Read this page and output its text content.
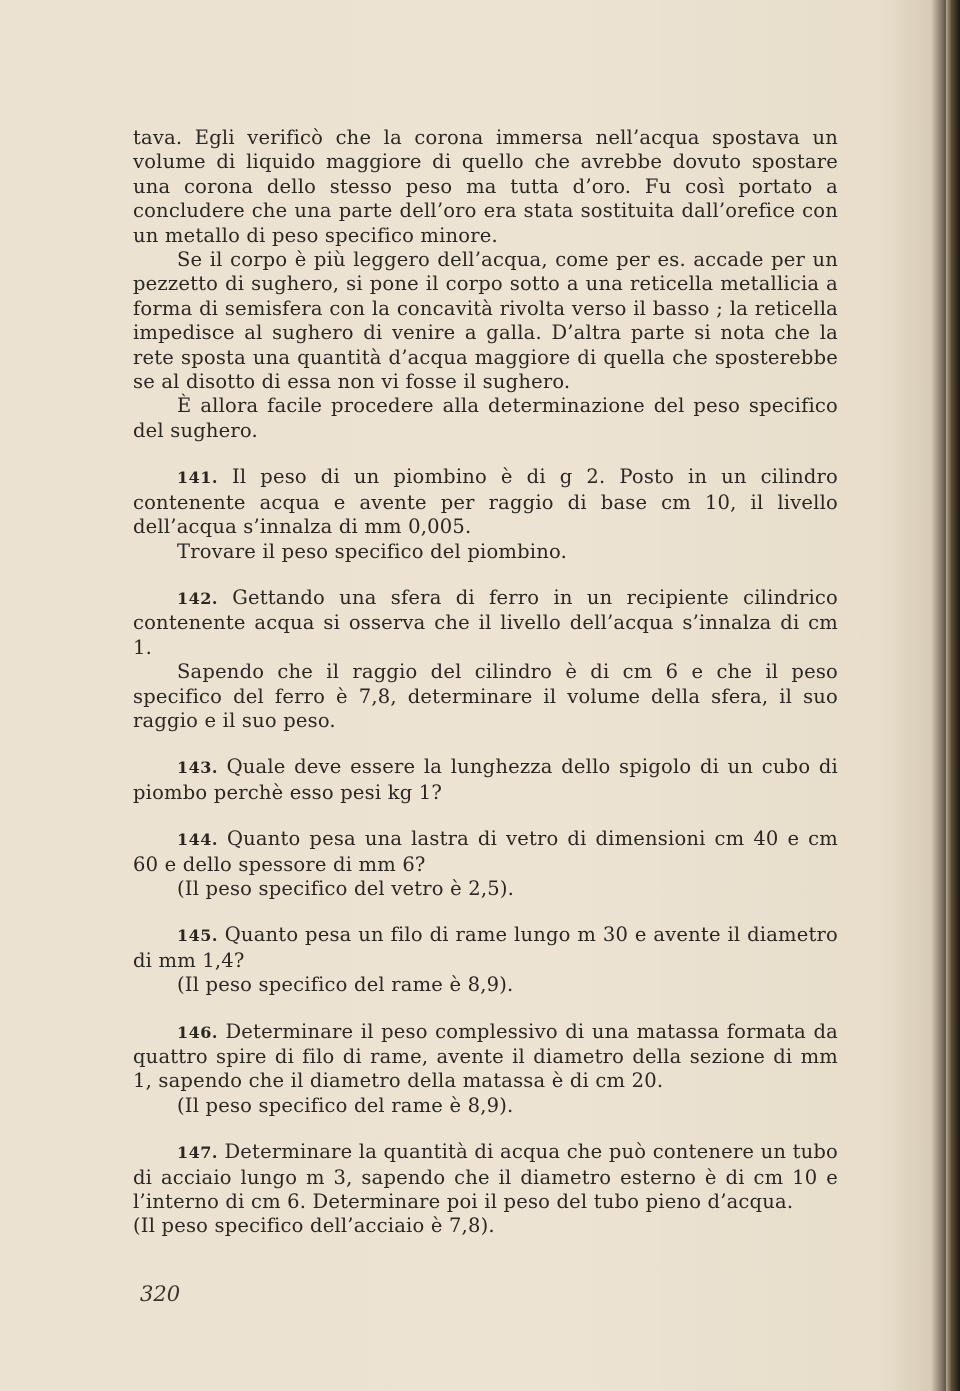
tava. Egli verificò che la corona immersa nell’acqua spostava un volume di liquido maggiore di quello che avrebbe dovuto spostare una corona dello stesso peso ma tutta d’oro. Fu così portato a concludere che una parte dell’oro era stata sostituita dall’orefice con un metallo di peso specifico minore.

Se il corpo è più leggero dell’acqua, come per es. accade per un pezzetto di sughero, si pone il corpo sotto a una reticella metallicia a forma di semisfera con la concavità rivolta verso il basso ; la reticella impedisce al sughero di venire a galla. D’altra parte si nota che la rete sposta una quantità d’acqua maggiore di quella che sposterebbe se al disotto di essa non vi fosse il sughero.

È allora facile procedere alla determinazione del peso specifico del sughero.

141. Il peso di un piombino è di g 2. Posto in un cilindro contenente acqua e avente per raggio di base cm 10, il livello dell’acqua s’innalza di mm 0,005.

Trovare il peso specifico del piombino.

142. Gettando una sfera di ferro in un recipiente cilindrico contenente acqua si osserva che il livello dell’acqua s’innalza di cm 1.

Sapendo che il raggio del cilindro è di cm 6 e che il peso specifico del ferro è 7,8, determinare il volume della sfera, il suo raggio e il suo peso.

143. Quale deve essere la lunghezza dello spigolo di un cubo di piombo perchè esso pesi kg 1?

144. Quanto pesa una lastra di vetro di dimensioni cm 40 e cm 60 e dello spessore di mm 6?

(Il peso specifico del vetro è 2,5).

145. Quanto pesa un filo di rame lungo m 30 e avente il diametro di mm 1,4?

(Il peso specifico del rame è 8,9).

146. Determinare il peso complessivo di una matassa formata da quattro spire di filo di rame, avente il diametro della sezione di mm 1, sapendo che il diametro della matassa è di cm 20.

(Il peso specifico del rame è 8,9).

147. Determinare la quantità di acqua che può contenere un tubo di acciaio lungo m 3, sapendo che il diametro esterno è di cm 10 e l’interno di cm 6. Determinare poi il peso del tubo pieno d’acqua.

(Il peso specifico dell’acciaio è 7,8).

320
